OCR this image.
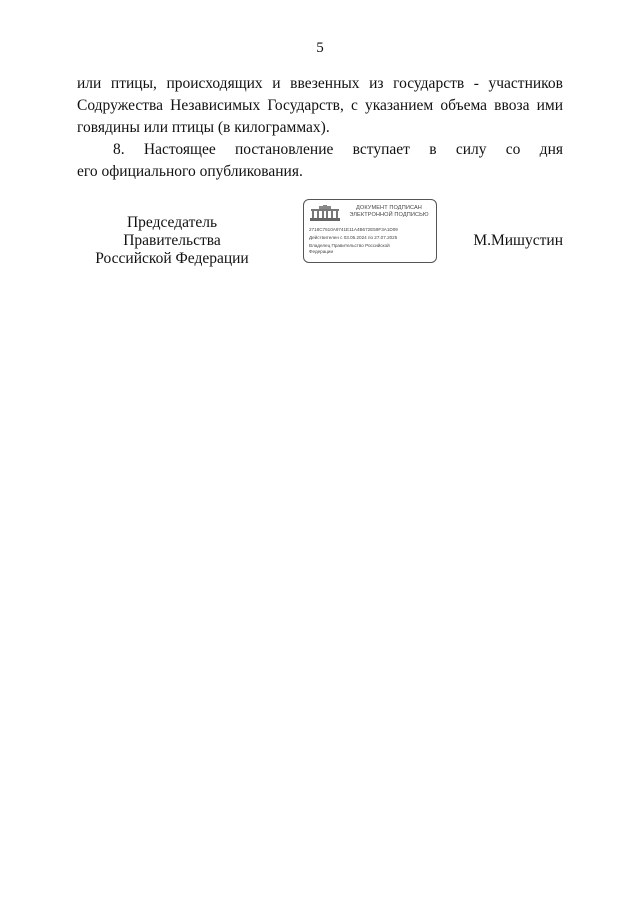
5
или птицы, происходящих и ввезенных из государств - участников
Содружества Независимых Государств, с указанием объема ввоза ими
говядины или птицы (в килограммах).
8. Настоящее постановление вступает в силу со дня
его официального опубликования.
Председатель Правительства
Российской Федерации
ДОКУМЕНТ ПОДПИСАН
ЭЛЕКТРОННОЙ ПОДПИСЬЮ
2718C7610A9741E11A4B672E59F3A1D09
Действителен с 03.05.2024 по 27.07.2025
Владелец Правительство Российской
Федерации
М.Мишустин
